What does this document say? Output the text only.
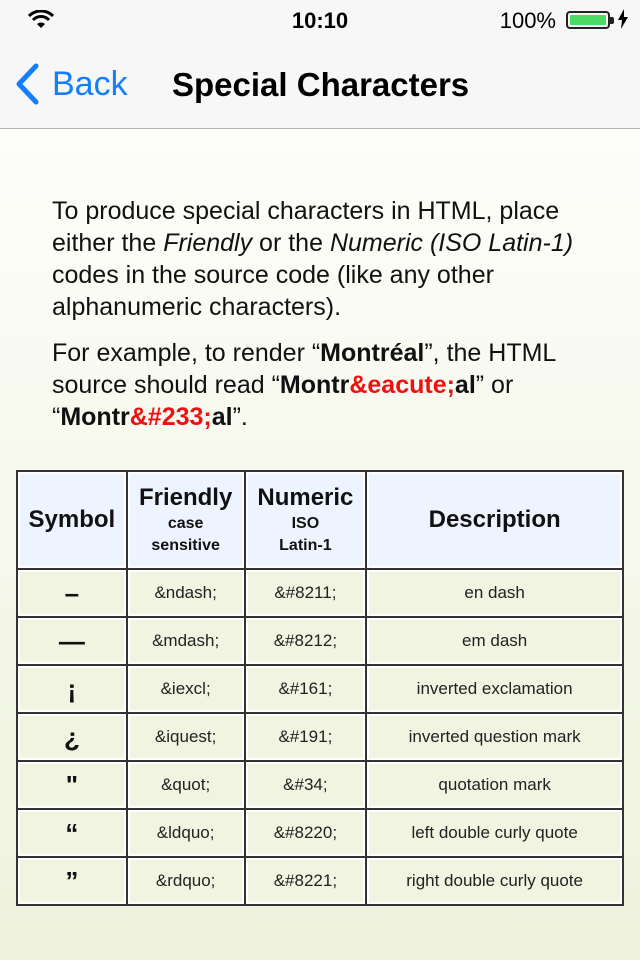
10:10	100%
Back Special Characters

To produce special characters in HTML, place either the Friendly or the Numeric (ISO Latin-1) codes in the source code (like any other alphanumeric characters).

For example, to render “Montréal”, the HTML source should read “Montr&eacute;al” or “Montr&#233;al”.

Symbol	Friendly
case
sensitive	Numeric
ISO
Latin-1	Description

–	&ndash;	&#8211;	en dash
—	&mdash;	&#8212;	em dash
¡	&iexcl;	&#161;	inverted exclamation
¿	&iquest;	&#191;	inverted question mark
"	&quot;	&#34;	quotation mark
“	&ldquo;	&#8220;	left double curly quote
”	&rdquo;	&#8221;	right double curly quote
